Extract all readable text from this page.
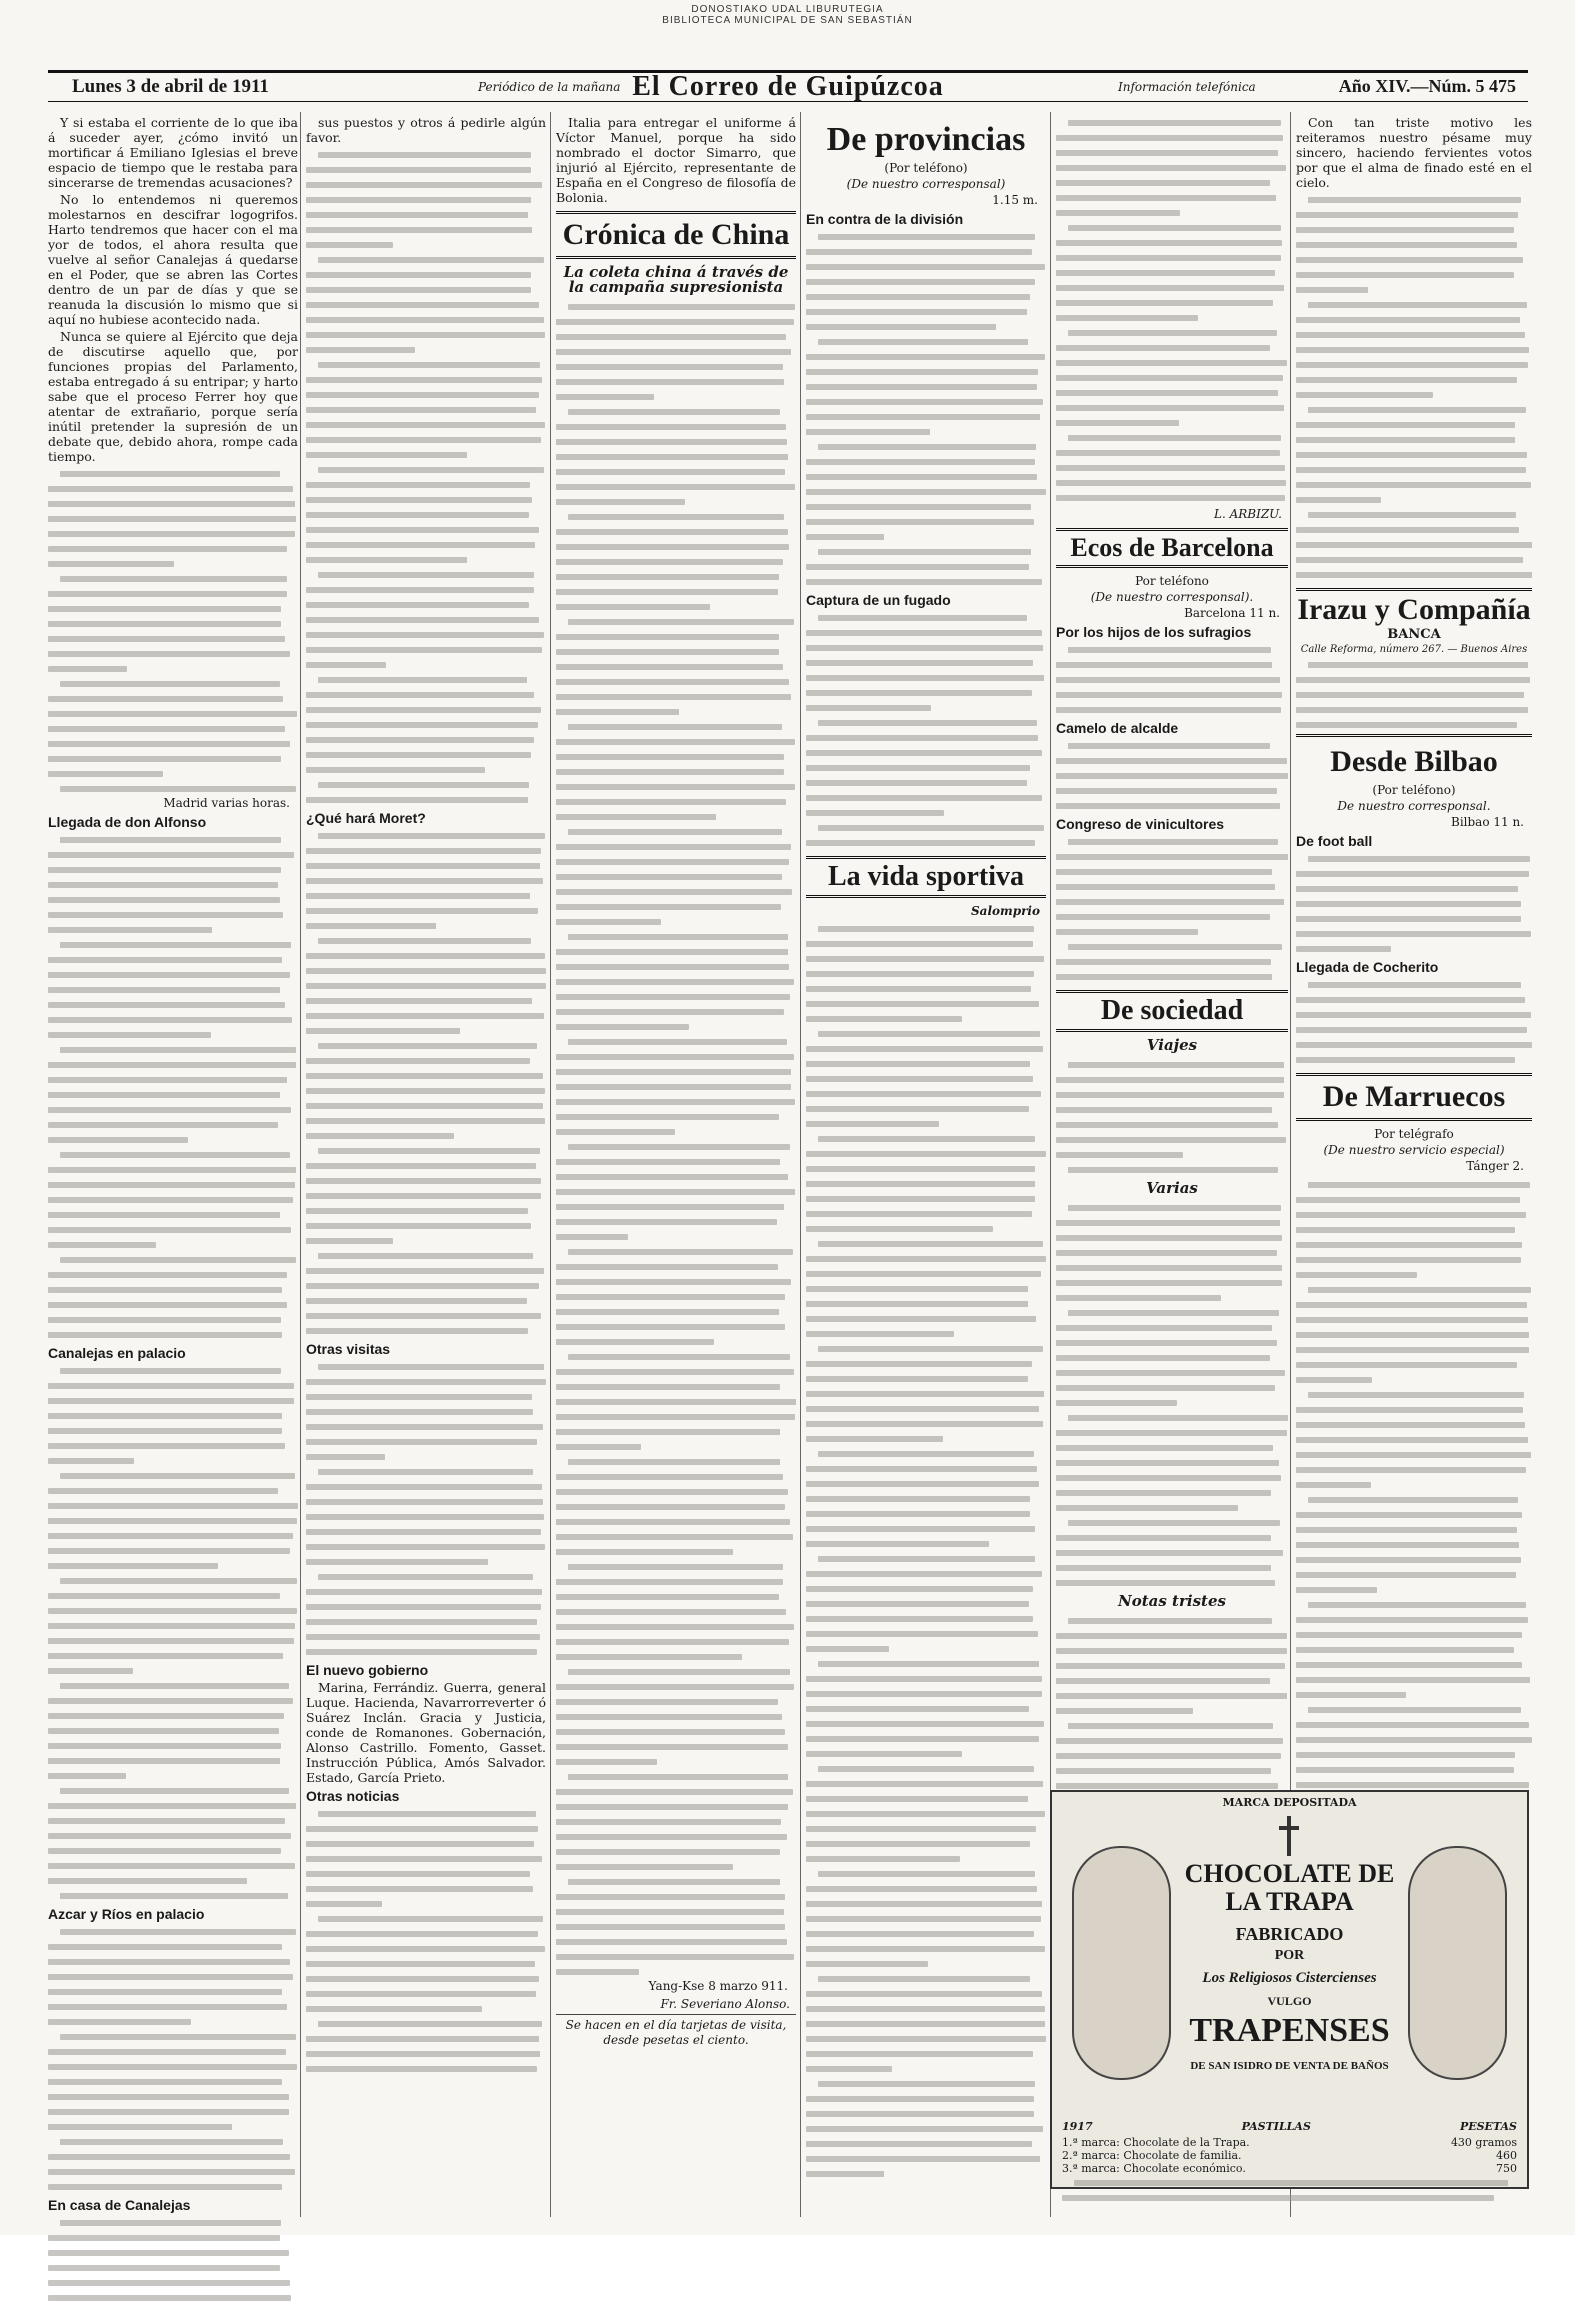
DONOSTIAKO UDAL LIBURUTEGIA
BIBLIOTECA MUNICIPAL DE SAN SEBASTIÁN
Lunes 3 de abril de 1911	Periódico de la mañana El Correo de Guipúzcoa	Información telefónica	Año XIV.—Núm. 5 475

Y si estaba el corriente de lo que iba á suceder ayer, ¿cómo invitó un mortificar á Emiliano Iglesias el breve espacio de tiempo que le restaba para sincerarse de tremendas acusaciones?

No lo entendemos ni queremos molestarnos en descifrar logogrifos. Harto tendremos que hacer con el ma yor de todos, el ahora resulta que vuelve al señor Canalejas á quedarse en el Poder, que se abren las Cortes dentro de un par de días y que se reanuda la discusión lo mismo que si aquí no hubiese acontecido nada.

Nunca se quiere al Ejército que deja de discutirse aquello que, por funciones propias del Parlamento, estaba entregado á su entripar; y harto sabe que el proceso Ferrer hoy que atentar de extrañario, porque sería inútil pretender la supresión de un debate que, debido ahora, rompe cada tiempo.

Madrid varias horas.
Llegada de don Alfonso
Canalejas en palacio
Azcar y Ríos en palacio
En casa de Canalejas

sus puestos y otros á pedirle algún favor.

¿Qué hará Moret?
Otras visitas
El nuevo gobierno

Marina, Ferrándiz. Guerra, general Luque. Hacienda, Navarrorreverter ó Suárez Inclán. Gracia y Justicia, conde de Romanones. Gobernación, Alonso Castrillo. Fomento, Gasset. Instrucción Pública, Amós Salvador. Estado, García Prieto.

Otras noticias

Italia para entregar el uniforme á Víctor Manuel, porque ha sido nombrado el doctor Simarro, que injurió al Ejército, representante de España en el Congreso de filosofía de Bolonia.

Crónica de China
La coleta china á través de la campaña supresionista
Yang-Kse 8 marzo 911.
Fr. Severiano Alonso.
Se hacen en el día tarjetas de visita, desde pesetas el ciento.
De provincias
(Por teléfono)
(De nuestro corresponsal)
1.15 m.
En contra de la división
Captura de un fugado
La vida sportiva
Salomprio
L. ARBIZU.
Ecos de Barcelona
Por teléfono
(De nuestro corresponsal).
Barcelona 11 n.
Por los hijos de los sufragios
Camelo de alcalde
Congreso de vinicultores
De sociedad
Viajes
Varias
Notas tristes

Con tan triste motivo les reiteramos nuestro pésame muy sincero, haciendo fervientes votos por que el alma de finado esté en el cielo.

Irazu y Compañía
BANCA
Calle Reforma, número 267. — Buenos Aires
Desde Bilbao
(Por teléfono)
De nuestro corresponsal.
Bilbao 11 n.
De foot ball
Llegada de Cocherito
De Marruecos
Por telégrafo
(De nuestro servicio especial)
Tánger 2.
MARCA DEPOSITADA
CHOCOLATE DE LA TRAPA
FABRICADO
POR
Los Religiosos Cistercienses
VULGO
TRAPENSES
DE SAN ISIDRO DE VENTA DE BAÑOS
1917	PASTILLAS	PESETAS
1.ª marca: Chocolate de la Trapa.	430 gramos
2.ª marca: Chocolate de familia.	460
3.ª marca: Chocolate económico.	750
